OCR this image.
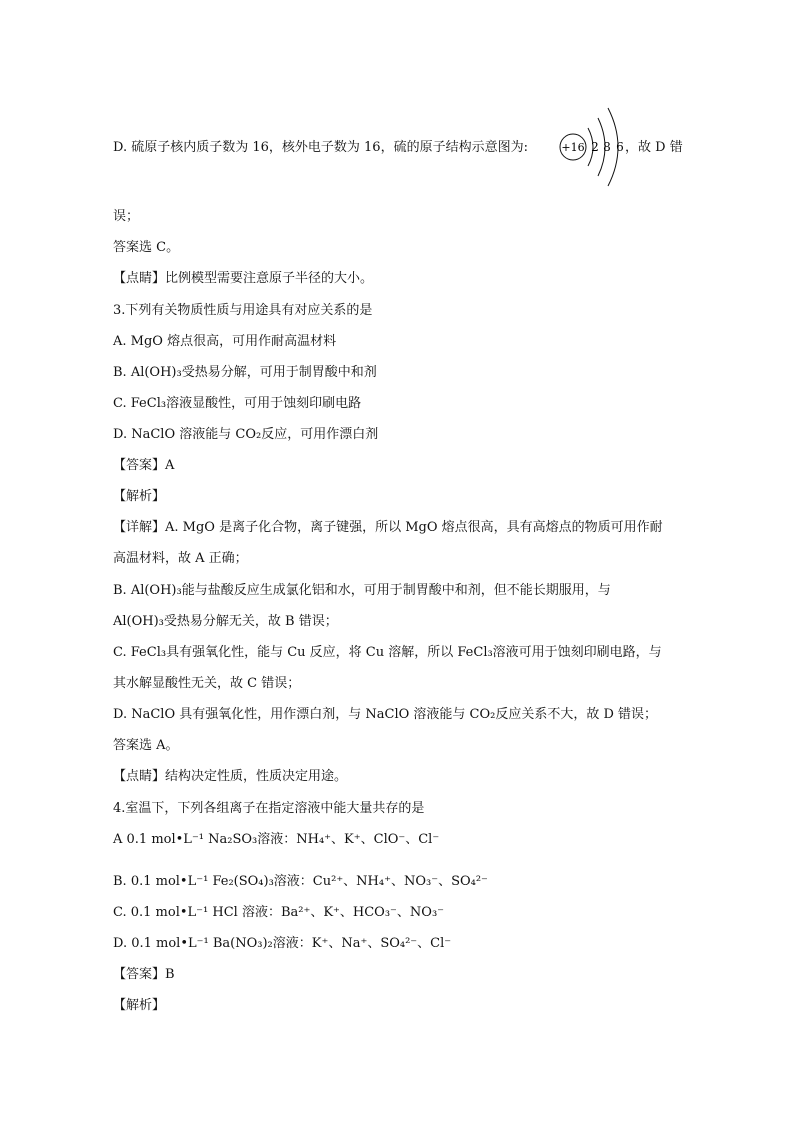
D. 硫原子核内质子数为 16，核外电子数为 16，硫的原子结构示意图为:	+16 2 8 6 ，故 D 错
误；
答案选 C。
【点睛】比例模型需要注意原子半径的大小。
3.下列有关物质性质与用途具有对应关系的是
A. MgO 熔点很高，可用作耐高温材料
B. Al(OH)₃受热易分解，可用于制胃酸中和剂
C. FeCl₃溶液显酸性，可用于蚀刻印刷电路
D. NaClO 溶液能与 CO₂反应，可用作漂白剂
【答案】A
【解析】
【详解】A. MgO 是离子化合物，离子键强，所以 MgO 熔点很高，具有高熔点的物质可用作耐
高温材料，故 A 正确；
B. Al(OH)₃能与盐酸反应生成氯化铝和水，可用于制胃酸中和剂，但不能长期服用，与
Al(OH)₃受热易分解无关，故 B 错误；
C. FeCl₃具有强氧化性，能与 Cu 反应，将 Cu 溶解，所以 FeCl₃溶液可用于蚀刻印刷电路，与
其水解显酸性无关，故 C 错误；
D. NaClO 具有强氧化性，用作漂白剂，与 NaClO 溶液能与 CO₂反应关系不大，故 D 错误；
答案选 A。
【点睛】结构决定性质，性质决定用途。
4.室温下，下列各组离子在指定溶液中能大量共存的是
A 0.1 mol•L⁻¹ Na₂SO₃溶液：NH₄⁺、K⁺、ClO⁻、Cl⁻
B. 0.1 mol•L⁻¹ Fe₂(SO₄)₃溶液：Cu²⁺、NH₄⁺、NO₃⁻、SO₄²⁻
C. 0.1 mol•L⁻¹ HCl 溶液：Ba²⁺、K⁺、HCO₃⁻、NO₃⁻
D. 0.1 mol•L⁻¹ Ba(NO₃)₂溶液：K⁺、Na⁺、SO₄²⁻、Cl⁻
【答案】B
【解析】
